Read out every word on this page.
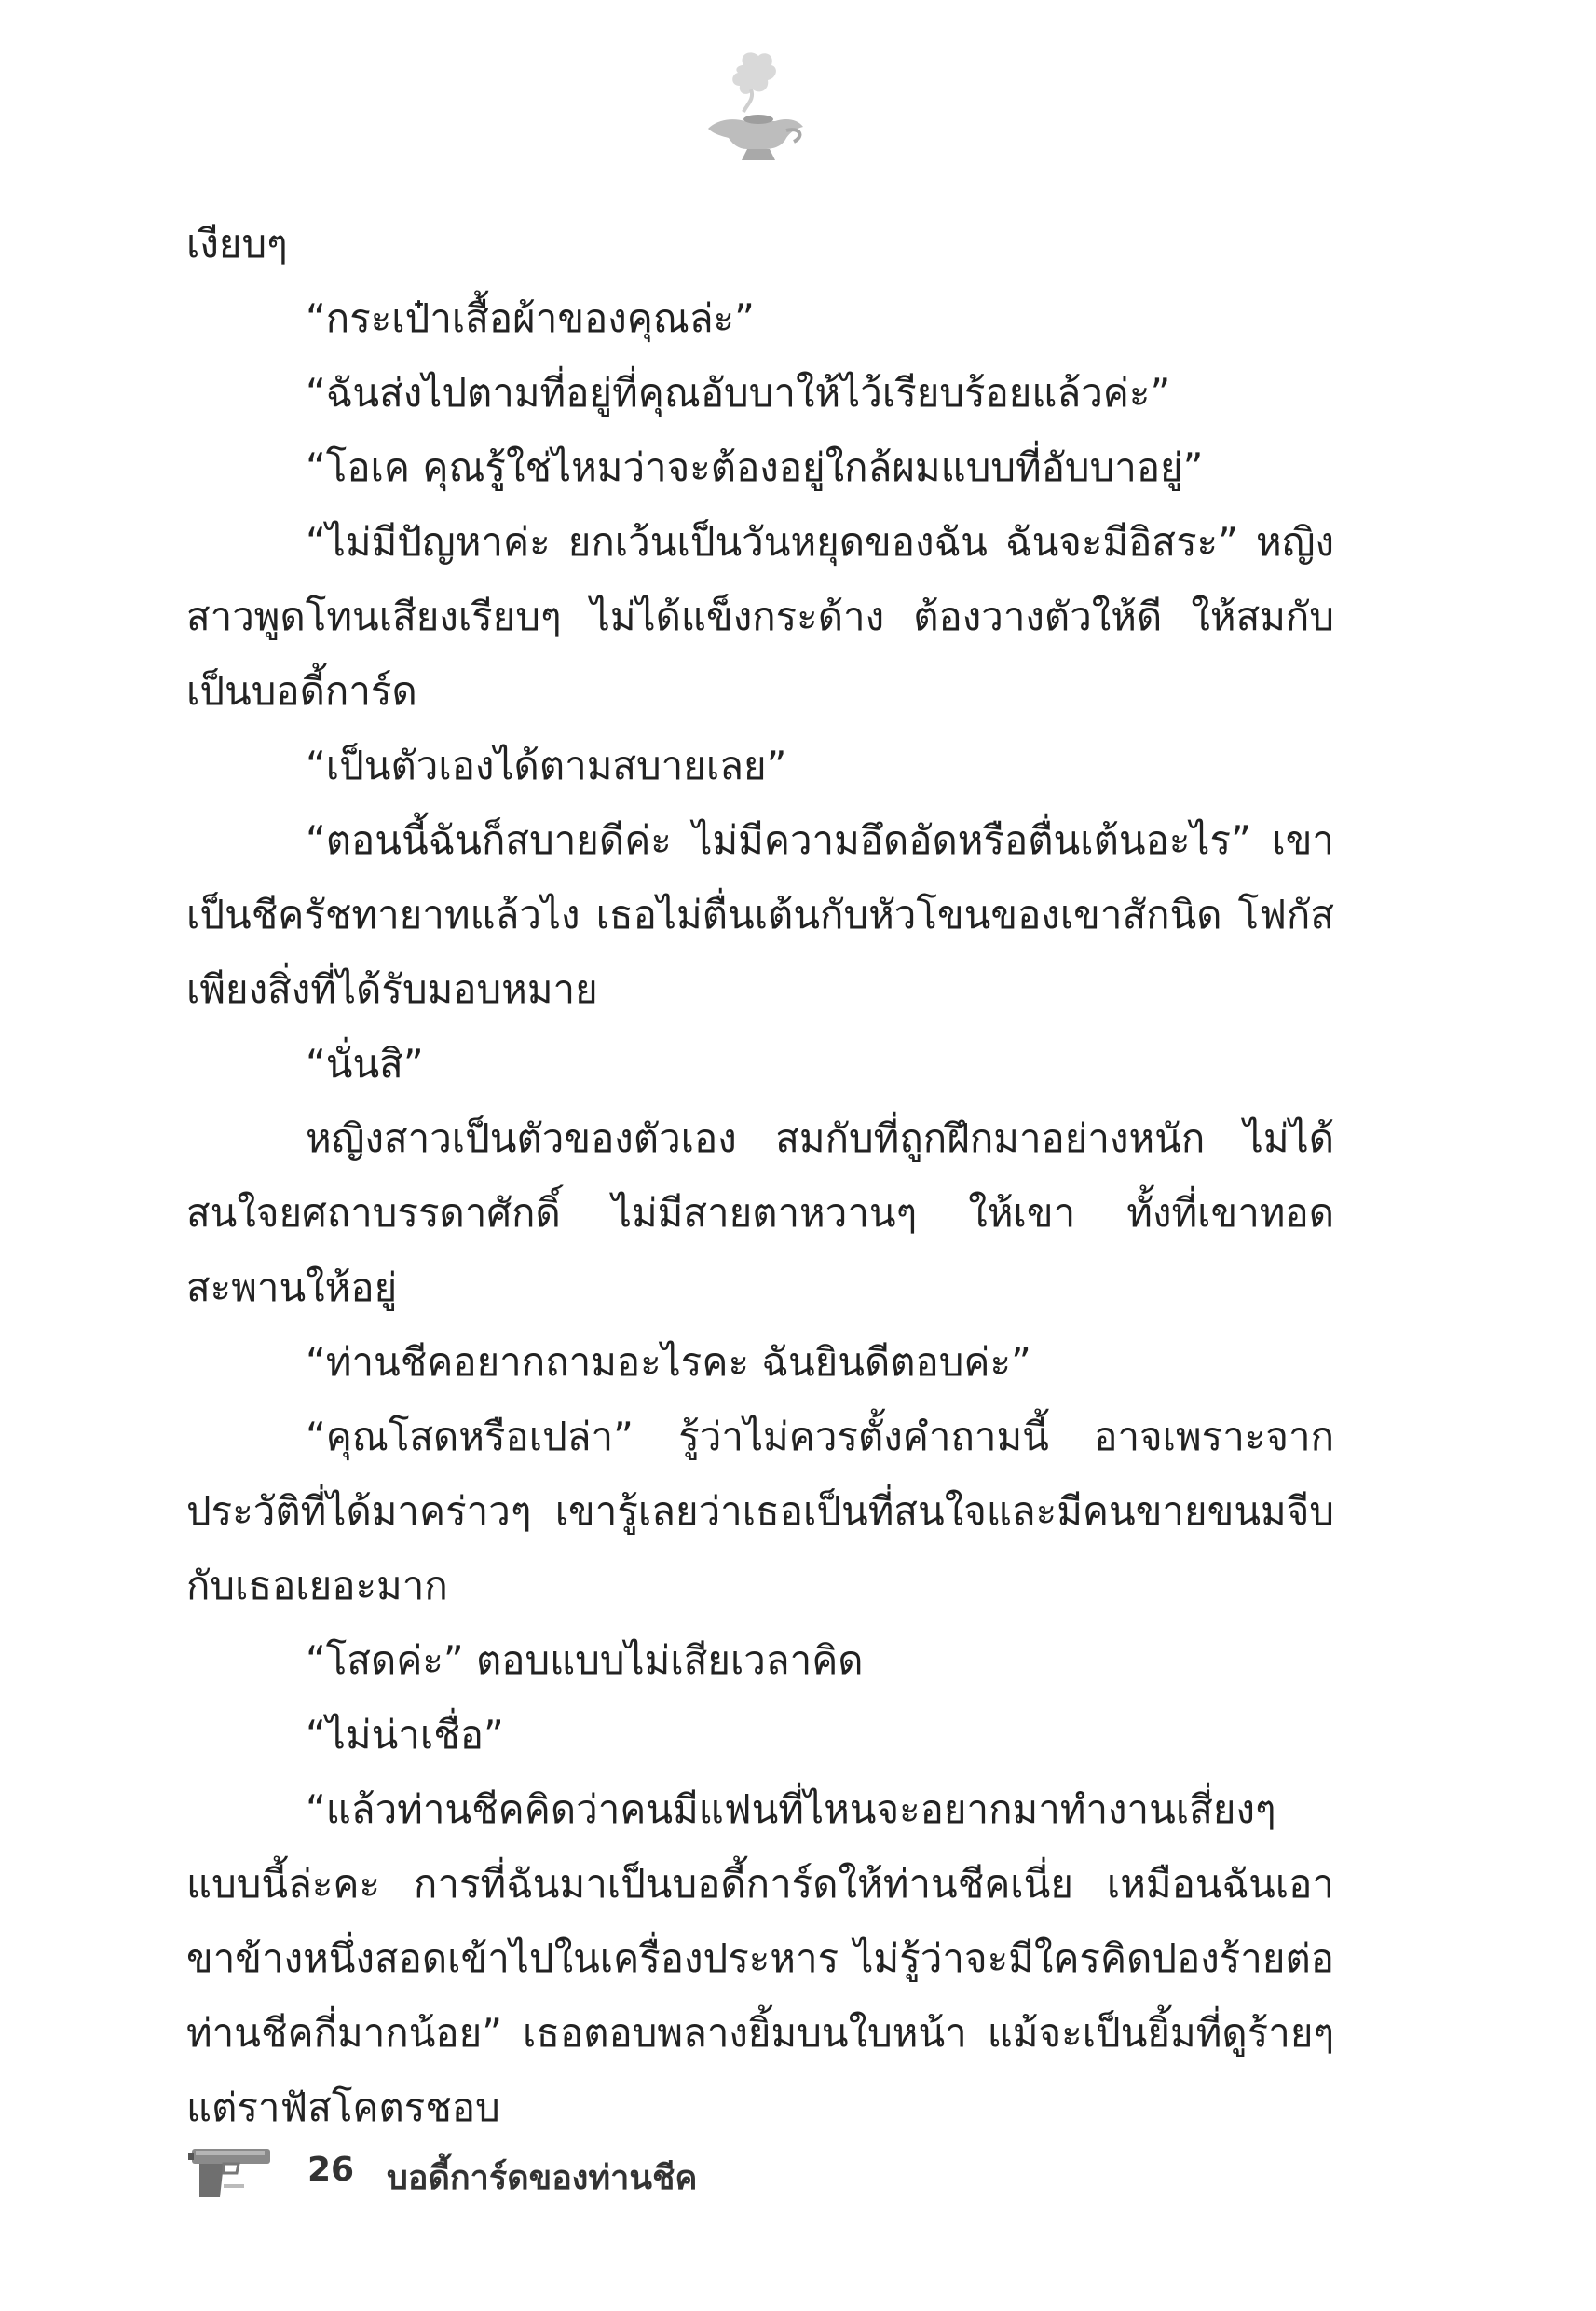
เงียบๆ

“กระเป๋าเสื้อผ้าของคุณล่ะ”

“ฉันส่งไปตามที่อยู่ที่คุณอับบาให้ไว้เรียบร้อยแล้วค่ะ”

“โอเค คุณรู้ใช่ไหมว่าจะต้องอยู่ใกล้ผมแบบที่อับบาอยู่”

“ไม่มีปัญหาค่ะ ยกเว้นเป็นวันหยุดของฉัน ฉันจะมีอิสระ” หญิงสาวพูดโทนเสียงเรียบๆ ไม่ได้แข็งกระด้าง ต้องวางตัวให้ดี ให้สมกับเป็นบอดี้การ์ด

“เป็นตัวเองได้ตามสบายเลย”

“ตอนนี้ฉันก็สบายดีค่ะ ไม่มีความอึดอัดหรือตื่นเต้นอะไร” เขาเป็นชีครัชทายาทแล้วไง เธอไม่ตื่นเต้นกับหัวโขนของเขาสักนิด โฟกัสเพียงสิ่งที่ได้รับมอบหมาย

“นั่นสิ”

หญิงสาวเป็นตัวของตัวเอง สมกับที่ถูกฝึกมาอย่างหนัก ไม่ได้สนใจยศถาบรรดาศักดิ์ ไม่มีสายตาหวานๆ ให้เขา ทั้งที่เขาทอดสะพานให้อยู่

“ท่านชีคอยากถามอะไรคะ ฉันยินดีตอบค่ะ”

“คุณโสดหรือเปล่า” รู้ว่าไม่ควรตั้งคำถามนี้ อาจเพราะจากประวัติที่ได้มาคร่าวๆ เขารู้เลยว่าเธอเป็นที่สนใจและมีคนขายขนมจีบกับเธอเยอะมาก

“โสดค่ะ” ตอบแบบไม่เสียเวลาคิด

“ไม่น่าเชื่อ”

“แล้วท่านชีคคิดว่าคนมีแฟนที่ไหนจะอยากมาทำงานเสี่ยงๆ แบบนี้ล่ะคะ การที่ฉันมาเป็นบอดี้การ์ดให้ท่านชีคเนี่ย เหมือนฉันเอาขาข้างหนึ่งสอดเข้าไปในเครื่องประหาร ไม่รู้ว่าจะมีใครคิดปองร้ายต่อท่านชีคกี่มากน้อย” เธอตอบพลางยิ้มบนใบหน้า แม้จะเป็นยิ้มที่ดูร้ายๆ แต่ราฟัสโคตรชอบ

26 บอดี้การ์ดของท่านชีค
